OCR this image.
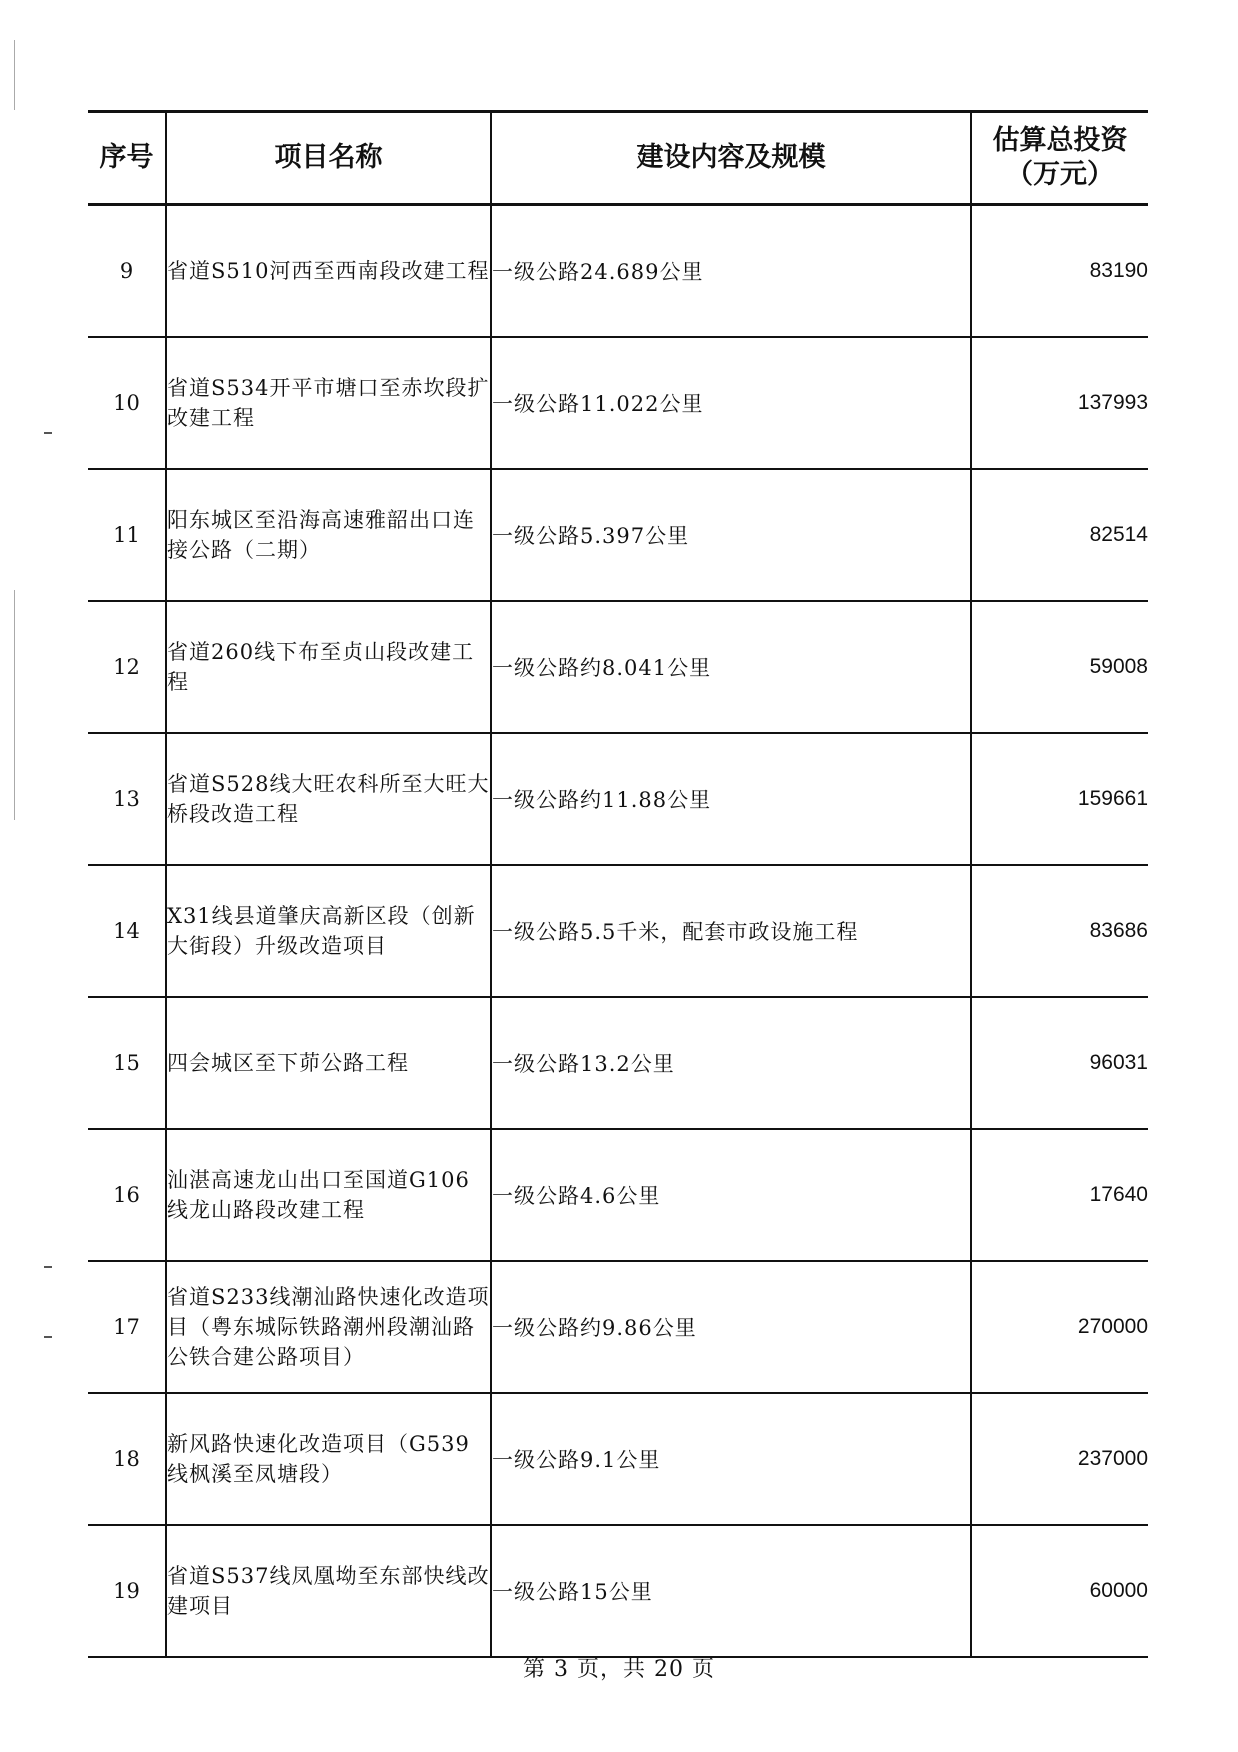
序号	项目名称	建设内容及规模	估算总投资
（万元）

9	省道S510河西至西南段改建工程	一级公路24.689公里	83190
10	省道S534开平市塘口至赤坎段扩改建工程	一级公路11.022公里	137993
11	阳东城区至沿海高速雅韶出口连接公路（二期）	一级公路5.397公里	82514
12	省道260线下布至贞山段改建工程	一级公路约8.041公里	59008
13	省道S528线大旺农科所至大旺大桥段改造工程	一级公路约11.88公里	159661
14	X31线县道肇庆高新区段（创新大街段）升级改造项目	一级公路5.5千米，配套市政设施工程	83686
15	四会城区至下茆公路工程	一级公路13.2公里	96031
16	汕湛高速龙山出口至国道G106线龙山路段改建工程	一级公路4.6公里	17640
17	省道S233线潮汕路快速化改造项目（粤东城际铁路潮州段潮汕路公铁合建公路项目）	一级公路约9.86公里	270000
18	新风路快速化改造项目（G539线枫溪至凤塘段）	一级公路9.1公里	237000
19	省道S537线凤凰坳至东部快线改建项目	一级公路15公里	60000
第 3 页，共 20 页
